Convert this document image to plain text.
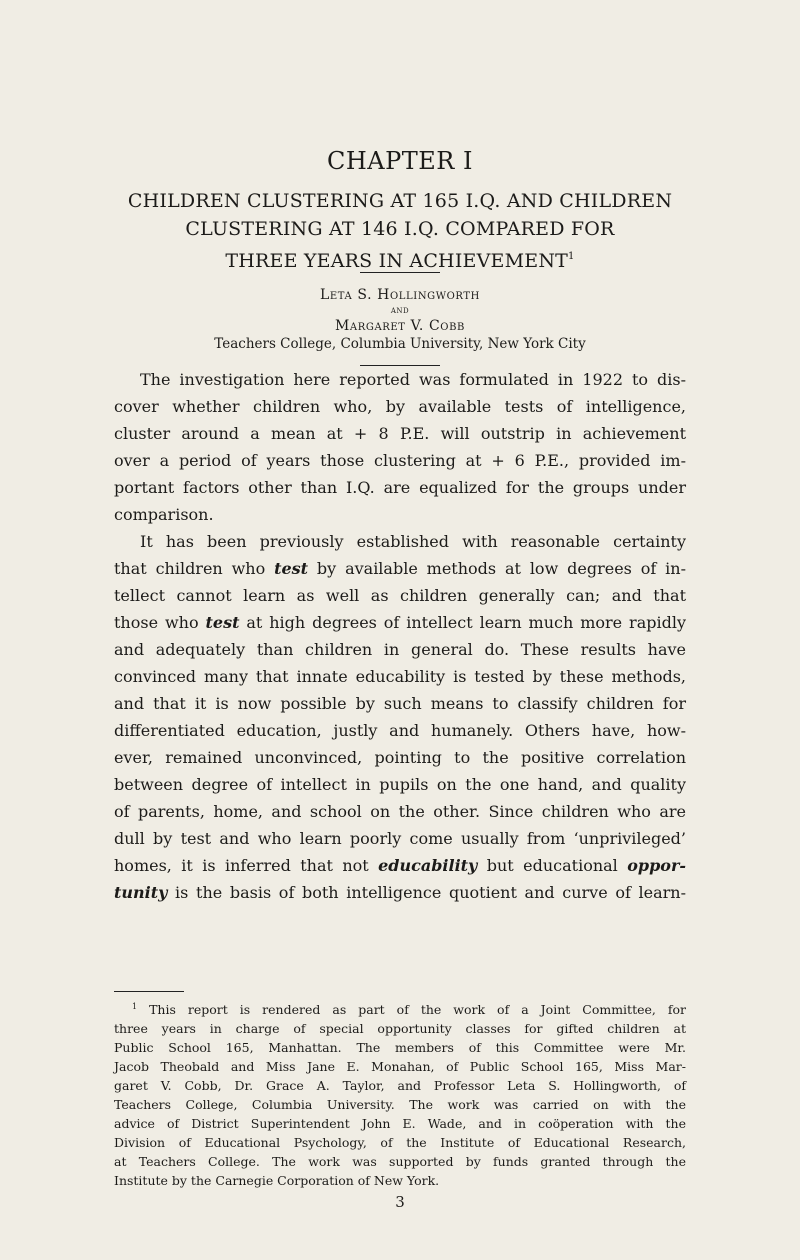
CHAPTER I
CHILDREN CLUSTERING AT 165 I.Q. AND CHILDREN
CLUSTERING AT 146 I.Q. COMPARED FOR
THREE YEARS IN ACHIEVEMENT$^1$
Leta S. Hollingworth
and
Margaret V. Cobb
Teachers College, Columbia University, New York City
The investigation here reported was formulated in 1922 to dis-
cover whether children who, by available tests of intelligence,
cluster around a mean at + 8 P.E. will outstrip in achievement
over a period of years those clustering at + 6 P.E., provided im-
portant factors other than I.Q. are equalized for the groups under
comparison.
It has been previously established with reasonable certainty
that children who test by available methods at low degrees of in-
tellect cannot learn as well as children generally can; and that
those who test at high degrees of intellect learn much more rapidly
and adequately than children in general do. These results have
convinced many that innate educability is tested by these methods,
and that it is now possible by such means to classify children for
differentiated education, justly and humanely. Others have, how-
ever, remained unconvinced, pointing to the positive correlation
between degree of intellect in pupils on the one hand, and quality
of parents, home, and school on the other. Since children who are
dull by test and who learn poorly come usually from ‘unprivileged’
homes, it is inferred that not educability but educational oppor-
tunity is the basis of both intelligence quotient and curve of learn-
$^1$ This report is rendered as part of the work of a Joint Committee, for
three years in charge of special opportunity classes for gifted children at
Public School 165, Manhattan. The members of this Committee were Mr.
Jacob Theobald and Miss Jane E. Monahan, of Public School 165, Miss Mar-
garet V. Cobb, Dr. Grace A. Taylor, and Professor Leta S. Hollingworth, of
Teachers College, Columbia University. The work was carried on with the
advice of District Superintendent John E. Wade, and in coöperation with the
Division of Educational Psychology, of the Institute of Educational Research,
at Teachers College. The work was supported by funds granted through the
Institute by the Carnegie Corporation of New York.
3
